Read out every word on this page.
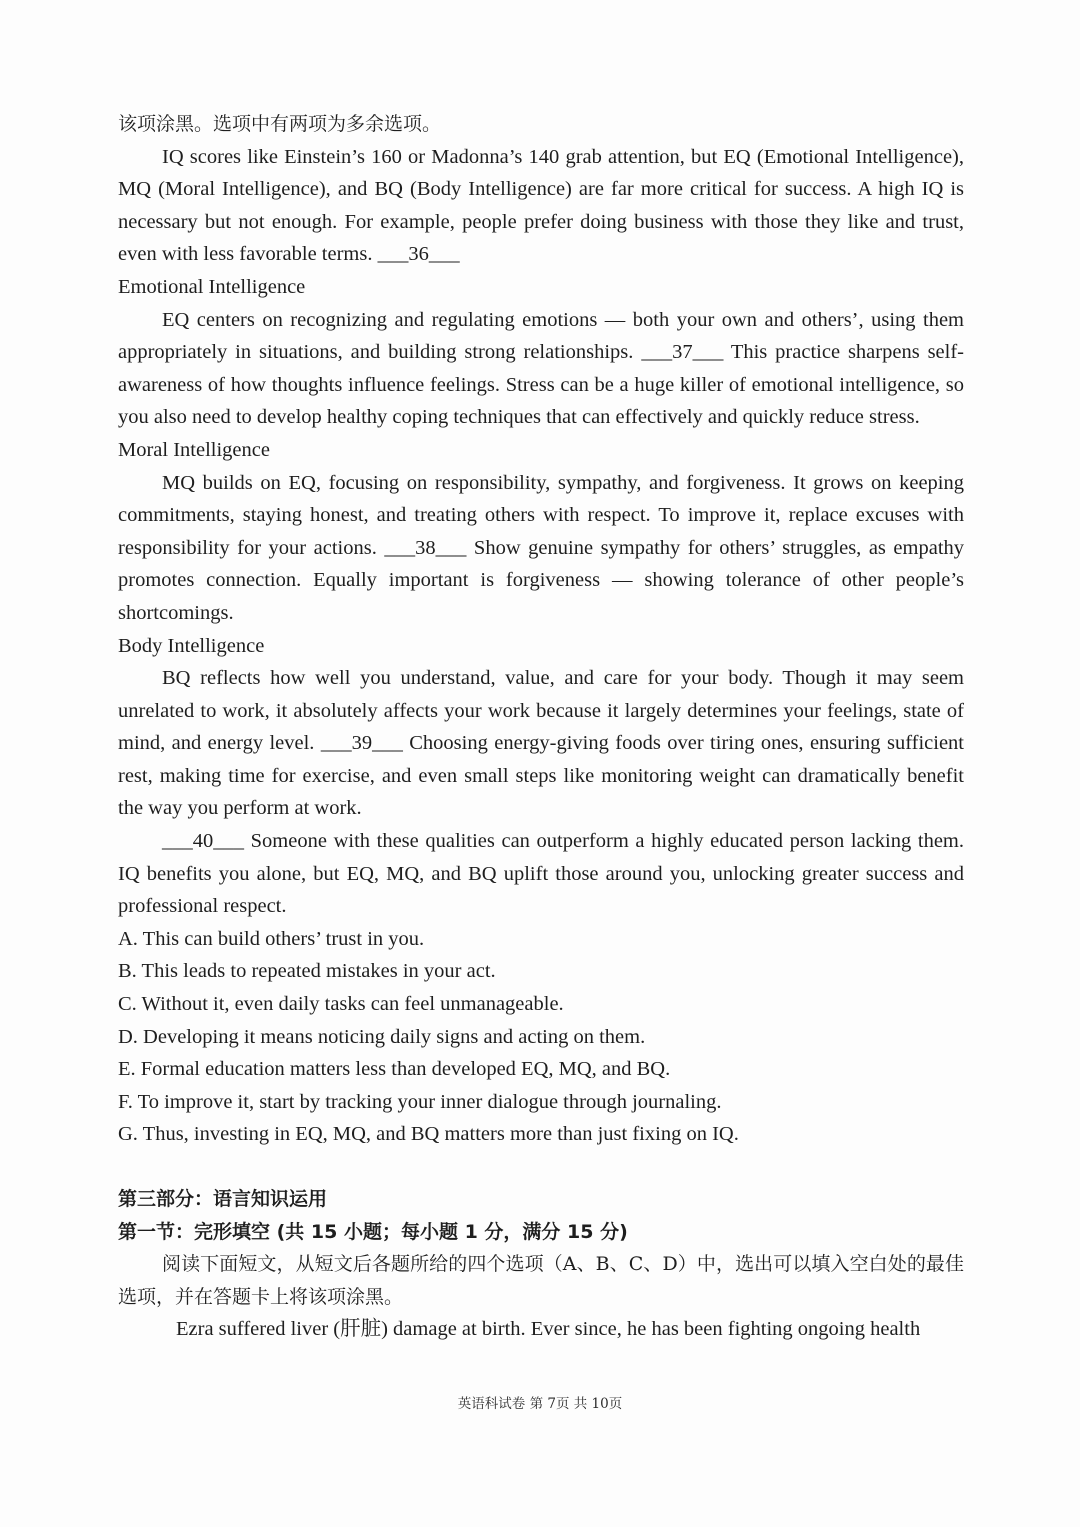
该项涂黑。选项中有两项为多余选项。

IQ scores like Einstein’s 160 or Madonna’s 140 grab attention, but EQ (Emotional Intelligence), MQ (Moral Intelligence), and BQ (Body Intelligence) are far more critical for success. A high IQ is necessary but not enough. For example, people prefer doing business with those they like and trust, even with less favorable terms. ___36___

Emotional Intelligence

EQ centers on recognizing and regulating emotions — both your own and others’, using them appropriately in situations, and building strong relationships. ___37___ This practice sharpens self-awareness of how thoughts influence feelings. Stress can be a huge killer of emotional intelligence, so you also need to develop healthy coping techniques that can effectively and quickly reduce stress.

Moral Intelligence

MQ builds on EQ, focusing on responsibility, sympathy, and forgiveness. It grows on keeping commitments, staying honest, and treating others with respect. To improve it, replace excuses with responsibility for your actions. ___38___ Show genuine sympathy for others’ struggles, as empathy promotes connection. Equally important is forgiveness — showing tolerance of other people’s shortcomings.

Body Intelligence

BQ reflects how well you understand, value, and care for your body. Though it may seem unrelated to work, it absolutely affects your work because it largely determines your feelings, state of mind, and energy level. ___39___ Choosing energy-giving foods over tiring ones, ensuring sufficient rest, making time for exercise, and even small steps like monitoring weight can dramatically benefit the way you perform at work.

___40___ Someone with these qualities can outperform a highly educated person lacking them. IQ benefits you alone, but EQ, MQ, and BQ uplift those around you, unlocking greater success and professional respect.

A. This can build others’ trust in you.

B. This leads to repeated mistakes in your act.

C. Without it, even daily tasks can feel unmanageable.

D. Developing it means noticing daily signs and acting on them.

E. Formal education matters less than developed EQ, MQ, and BQ.

F. To improve it, start by tracking your inner dialogue through journaling.

G. Thus, investing in EQ, MQ, and BQ matters more than just fixing on IQ.

第三部分：语言知识运用

第一节：完形填空 (共 15 小题；每小题 1 分，满分 15 分)

阅读下面短文，从短文后各题所给的四个选项（A、B、C、D）中，选出可以填入空白处的最佳选项，并在答题卡上将该项涂黑。

Ezra suffered liver (肝脏) damage at birth. Ever since, he has been fighting ongoing health

英语科试卷 第 7页 共 10页
